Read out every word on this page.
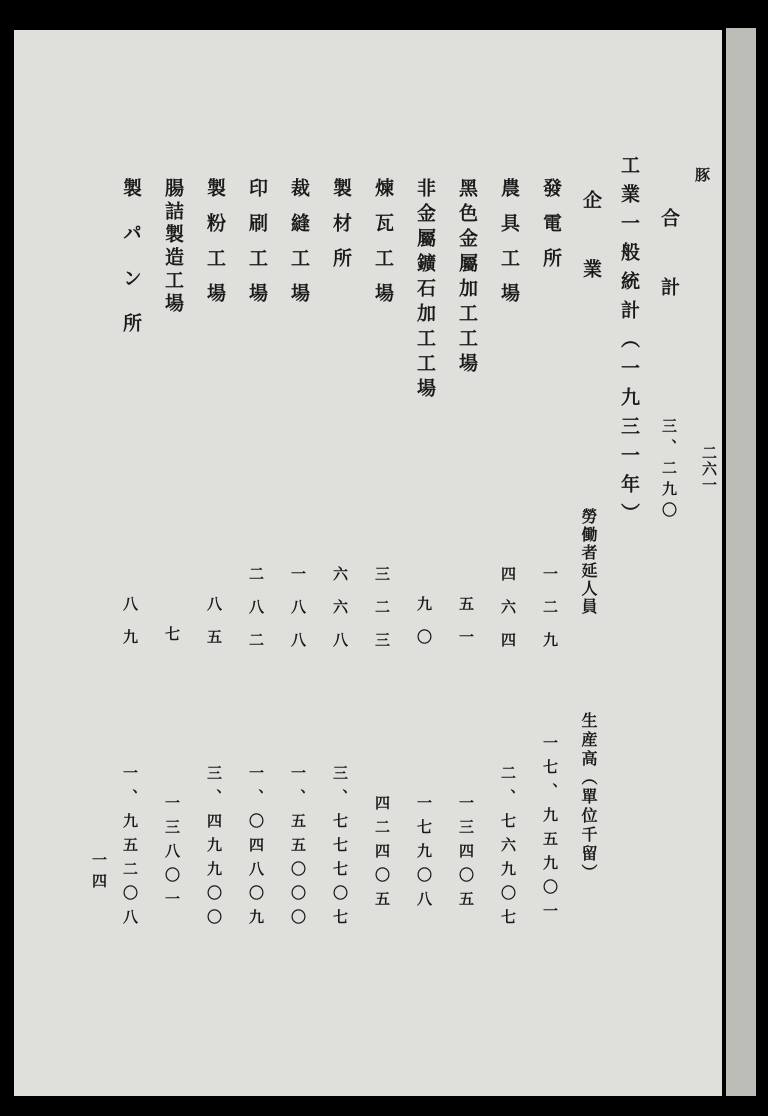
豚
二六一
一四
合計
三、二九〇
工業一般統計（一九三一年）
企業
勞働者延人員
生産高（單位千留）
發電所
一二九
一七、九五九〇一
農具工場
四六四
二、七六九〇七
黑色金屬加工工場
五一
一三四〇五
非金屬鑛石加工工場
九〇
一七九〇八
煉瓦工場
三二三
四二四〇五
製材所
六六八
三、七七七〇七
裁縫工場
一八八
一、五五〇〇〇
印刷工場
二八二
一、〇四八〇九
製粉工場
八五
三、四九九〇〇
腸詰製造工場
七
一三八〇一
製パン所
八九
一、九五二〇八
